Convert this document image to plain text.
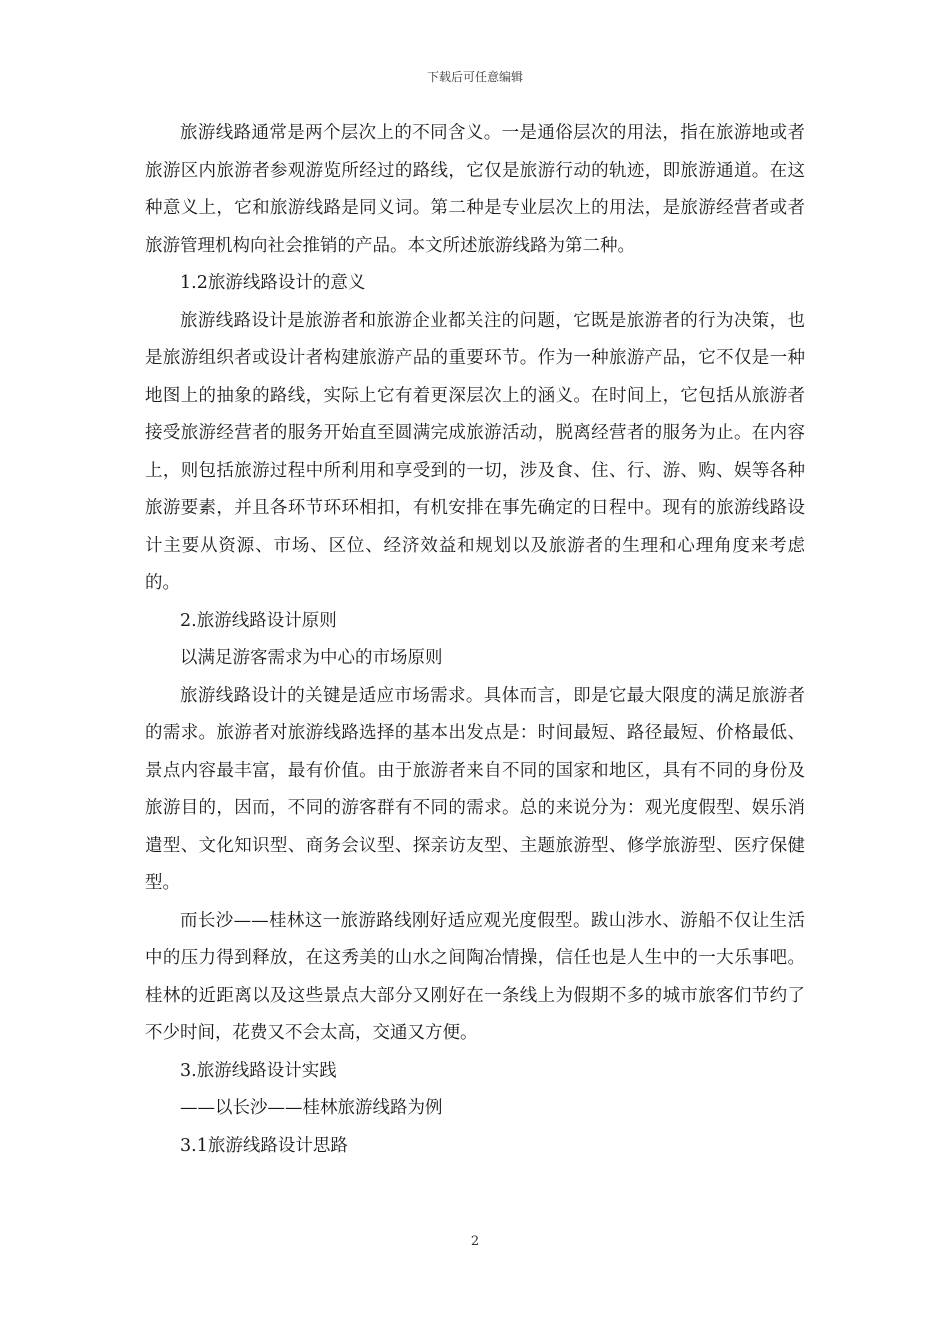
下载后可任意编辑

旅游线路通常是两个层次上的不同含义。一是通俗层次的用法，指在旅游地或者旅游区内旅游者参观游览所经过的路线，它仅是旅游行动的轨迹，即旅游通道。在这种意义上，它和旅游线路是同义词。第二种是专业层次上的用法，是旅游经营者或者旅游管理机构向社会推销的产品。本文所述旅游线路为第二种。

1.2旅游线路设计的意义

旅游线路设计是旅游者和旅游企业都关注的问题，它既是旅游者的行为决策，也是旅游组织者或设计者构建旅游产品的重要环节。作为一种旅游产品，它不仅是一种地图上的抽象的路线，实际上它有着更深层次上的涵义。在时间上，它包括从旅游者接受旅游经营者的服务开始直至圆满完成旅游活动，脱离经营者的服务为止。在内容上，则包括旅游过程中所利用和享受到的一切，涉及食、住、行、游、购、娱等各种旅游要素，并且各环节环环相扣，有机安排在事先确定的日程中。现有的旅游线路设计主要从资源、市场、区位、经济效益和规划以及旅游者的生理和心理角度来考虑的。

2.旅游线路设计原则

以满足游客需求为中心的市场原则

旅游线路设计的关键是适应市场需求。具体而言，即是它最大限度的满足旅游者的需求。旅游者对旅游线路选择的基本出发点是：时间最短、路径最短、价格最低、景点内容最丰富，最有价值。由于旅游者来自不同的国家和地区，具有不同的身份及旅游目的，因而，不同的游客群有不同的需求。总的来说分为：观光度假型、娱乐消遣型、文化知识型、商务会议型、探亲访友型、主题旅游型、修学旅游型、医疗保健型。

而长沙——桂林这一旅游路线刚好适应观光度假型。跋山涉水、游船不仅让生活中的压力得到释放，在这秀美的山水之间陶冶情操，信任也是人生中的一大乐事吧。桂林的近距离以及这些景点大部分又刚好在一条线上为假期不多的城市旅客们节约了不少时间，花费又不会太高，交通又方便。

3.旅游线路设计实践

——以长沙——桂林旅游线路为例

3.1旅游线路设计思路

2
